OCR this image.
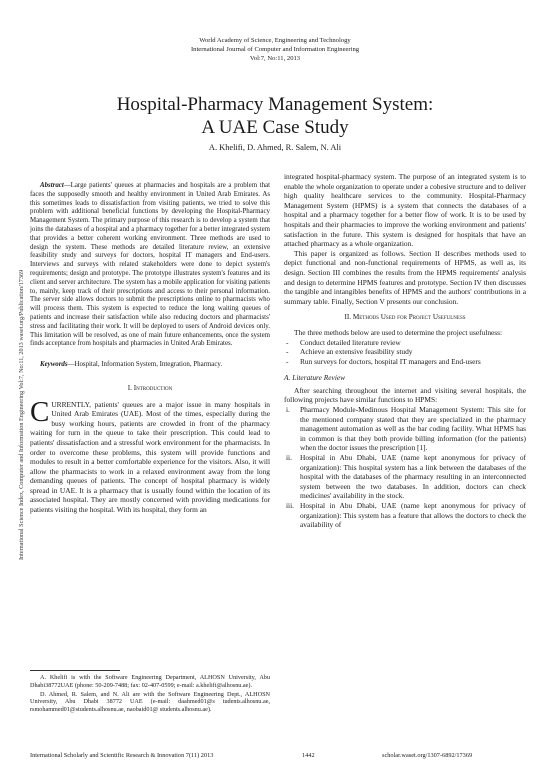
World Academy of Science, Engineering and Technology
International Journal of Computer and Information Engineering
Vol:7, No:11, 2013
Hospital-Pharmacy Management System:
A UAE Case Study
A. Khelifi, D. Ahmed, R. Salem, N. Ali
International Science Index, Computer and Information Engineering Vol:7, No:11, 2013 waset.org/Publication/17369

Abstract—Large patients' queues at pharmacies and hospitals are a problem that faces the supposedly smooth and healthy environment in United Arab Emirates. As this sometimes leads to dissatisfaction from visiting patients, we tried to solve this problem with additional beneficial functions by developing the Hospital-Pharmacy Management System. The primary purpose of this research is to develop a system that joins the databases of a hospital and a pharmacy together for a better integrated system that provides a better coherent working environment. Three methods are used to design the system. These methods are detailed literature review, an extensive feasibility study and surveys for doctors, hospital IT managers and End-users. Interviews and surveys with related stakeholders were done to depict system's requirements; design and prototype. The prototype illustrates system's features and its client and server architecture. The system has a mobile application for visiting patients to, mainly, keep track of their prescriptions and access to their personal information. The server side allows doctors to submit the prescriptions online to pharmacists who will process them. This system is expected to reduce the long waiting queues of patients and increase their satisfaction while also reducing doctors and pharmacists' stress and facilitating their work. It will be deployed to users of Android devices only. This limitation will be resolved, as one of main future enhancements, once the system finds acceptance from hospitals and pharmacies in United Arab Emirates.

Keywords—Hospital, Information System, Integration, Pharmacy.

I. Introduction

CURRENTLY, patients' queues are a major issue in many hospitals in United Arab Emirates (UAE). Most of the times, especially during the busy working hours, patients are crowded in front of the pharmacy waiting for turn in the queue to take their prescription. This could lead to patients' dissatisfaction and a stressful work environment for the pharmacists. In order to overcome these problems, this system will provide functions and modules to result in a better comfortable experience for the visitors. Also, it will allow the pharmacists to work in a relaxed environment away from the long demanding queues of patients. The concept of hospital pharmacy is widely spread in UAE. It is a pharmacy that is usually found within the location of its associated hospital. They are mostly concerned with providing medications for patients visiting the hospital. With its hospital, they form an

A. Khelifi is with the Software Engineering Department, ALHOSN University, Abu Dhabi38772UAE (phone: 50-209-7488; fax: 02-407-0599; e-mail: a.khelifi@alhosnu.ae).

D. Ahmed, R. Salem, and N. Ali are with the Software Engineering Dept., ALHOSN University, Abu Dhabi 38772 UAE (e-mail: daahmed01@s tudents.alhosnu.ae, rsmohammed01@students.alhosnu.ae, naobaid01@ students.alhosnu.ae).

integrated hospital-pharmacy system. The purpose of an integrated system is to enable the whole organization to operate under a cohesive structure and to deliver high quality healthcare services to the community. Hospital-Pharmacy Management System (HPMS) is a system that connects the databases of a hospital and a pharmacy together for a better flow of work. It is to be used by hospitals and their pharmacies to improve the working environment and patients' satisfaction in the future. This system is designed for hospitals that have an attached pharmacy as a whole organization.

This paper is organized as follows. Section II describes methods used to depict functional and non-functional requirements of HPMS, as well as, its design. Section III combines the results from the HPMS requirements' analysis and design to determine HPMS features and prototype. Section IV then discusses the tangible and intangibles benefits of HPMS and the authors' contributions in a summary table. Finally, Section V presents our conclusion.

II. Methods Used for Project Usefulness

The three methods below are used to determine the project usefulness:

- Conduct detailed literature review
- Achieve an extensive feasibility study
- Run surveys for doctors, hospital IT managers and End-users

A. Literature Review

After searching throughout the internet and visiting several hospitals, the following projects have similar functions to HPMS:

i. Pharmacy Module-Medinous Hospital Management System: This site for the mentioned company stated that they are specialized in the pharmacy management automation as well as the bar coding facility. What HPMS has in common is that they both provide billing information (for the patients) when the doctor issues the prescription [1].
ii. Hospital in Abu Dhabi, UAE (name kept anonymous for privacy of organization): This hospital system has a link between the databases of the hospital with the databases of the pharmacy resulting in an interconnected system between the two databases. In addition, doctors can check medicines' availability in the stock.
iii. Hospital in Abu Dhabi, UAE (name kept anonymous for privacy of organization): This system has a feature that allows the doctors to check the availability of
International Scholarly and Scientific Research & Innovation 7(11) 2013	1442	scholar.waset.org/1307-6892/17369
